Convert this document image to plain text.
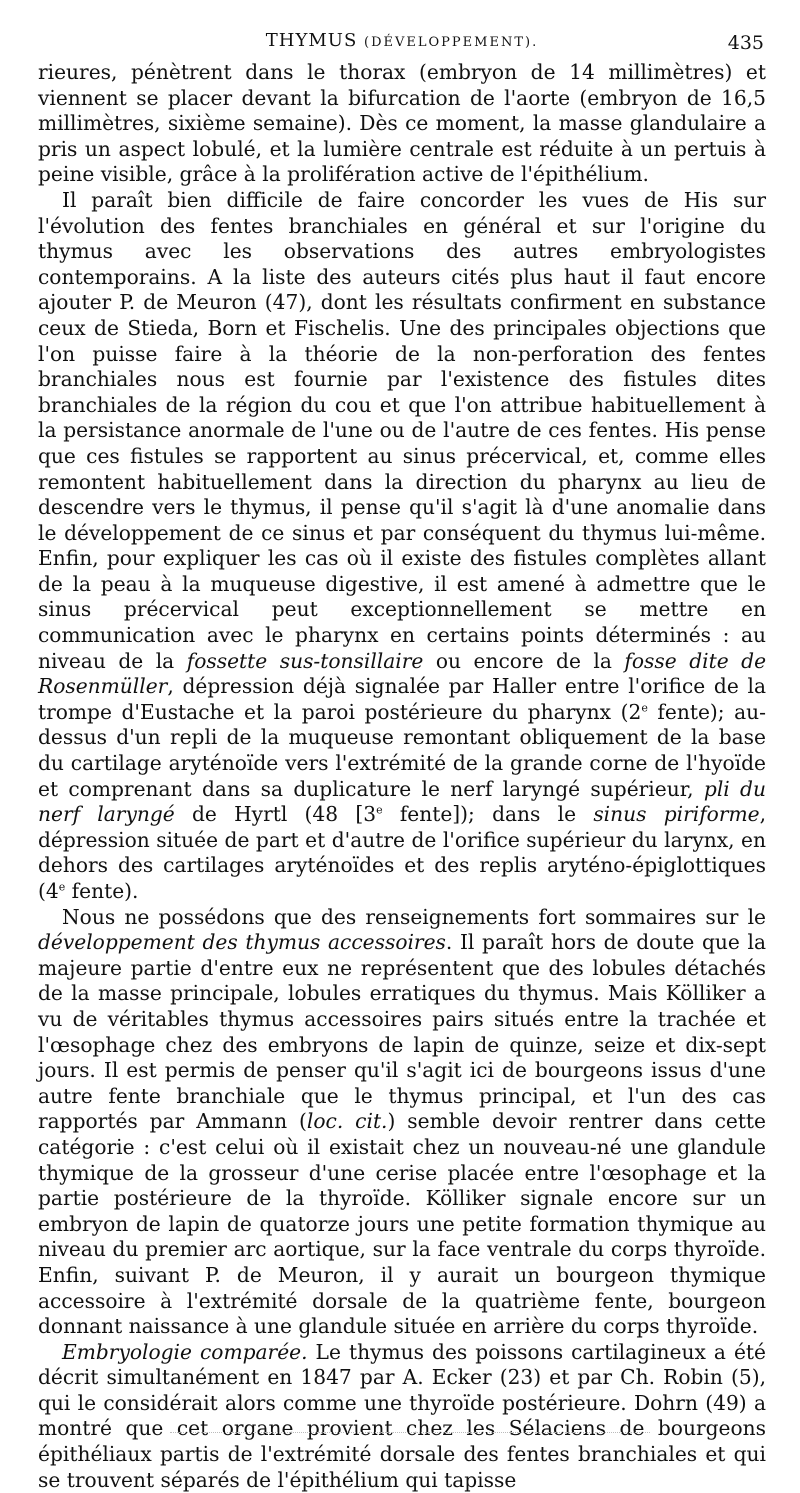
THYMUS (DÉVELOPPEMENT).	435

rieures, pénètrent dans le thorax (embryon de 14 millimètres) et viennent se placer devant la bifurcation de l'aorte (embryon de 16,5 millimètres, sixième semaine). Dès ce moment, la masse glandulaire a pris un aspect lobulé, et la lumière centrale est réduite à un pertuis à peine visible, grâce à la prolifération active de l'épithélium.

Il paraît bien difficile de faire concorder les vues de His sur l'évolution des fentes branchiales en général et sur l'origine du thymus avec les observations des autres embryologistes contemporains. A la liste des auteurs cités plus haut il faut encore ajouter P. de Meuron (47), dont les résultats confirment en substance ceux de Stieda, Born et Fischelis. Une des principales objections que l'on puisse faire à la théorie de la non-perforation des fentes branchiales nous est fournie par l'existence des fistules dites branchiales de la région du cou et que l'on attribue habituellement à la persistance anormale de l'une ou de l'autre de ces fentes. His pense que ces fistules se rapportent au sinus précervical, et, comme elles remontent habituellement dans la direction du pharynx au lieu de descendre vers le thymus, il pense qu'il s'agit là d'une anomalie dans le développement de ce sinus et par conséquent du thymus lui-même. Enfin, pour expliquer les cas où il existe des fistules complètes allant de la peau à la muqueuse digestive, il est amené à admettre que le sinus précervical peut exceptionnellement se mettre en communication avec le pharynx en certains points déterminés : au niveau de la fossette sus-tonsillaire ou encore de la fosse dite de Rosenmüller, dépression déjà signalée par Haller entre l'orifice de la trompe d'Eustache et la paroi postérieure du pharynx (2e fente); au-dessus d'un repli de la muqueuse remontant obliquement de la base du cartilage aryténoïde vers l'extrémité de la grande corne de l'hyoïde et comprenant dans sa duplicature le nerf laryngé supérieur, pli du nerf laryngé de Hyrtl (48 [3e fente]); dans le sinus piriforme, dépression située de part et d'autre de l'orifice supérieur du larynx, en dehors des cartilages aryténoïdes et des replis aryténo-épiglottiques (4e fente).

Nous ne possédons que des renseignements fort sommaires sur le développement des thymus accessoires. Il paraît hors de doute que la majeure partie d'entre eux ne représentent que des lobules détachés de la masse principale, lobules erratiques du thymus. Mais Kölliker a vu de véritables thymus accessoires pairs situés entre la trachée et l'œsophage chez des embryons de lapin de quinze, seize et dix-sept jours. Il est permis de penser qu'il s'agit ici de bourgeons issus d'une autre fente branchiale que le thymus principal, et l'un des cas rapportés par Ammann (loc. cit.) semble devoir rentrer dans cette catégorie : c'est celui où il existait chez un nouveau-né une glandule thymique de la grosseur d'une cerise placée entre l'œsophage et la partie postérieure de la thyroïde. Kölliker signale encore sur un embryon de lapin de quatorze jours une petite formation thymique au niveau du premier arc aortique, sur la face ventrale du corps thyroïde. Enfin, suivant P. de Meuron, il y aurait un bourgeon thymique accessoire à l'extrémité dorsale de la quatrième fente, bourgeon donnant naissance à une glandule située en arrière du corps thyroïde.

Embryologie comparée. Le thymus des poissons cartilagineux a été décrit simultanément en 1847 par A. Ecker (23) et par Ch. Robin (5), qui le considérait alors comme une thyroïde postérieure. Dohrn (49) a montré que cet organe provient chez les Sélaciens de bourgeons épithéliaux partis de l'extrémité dorsale des fentes branchiales et qui se trouvent séparés de l'épithélium qui tapisse
